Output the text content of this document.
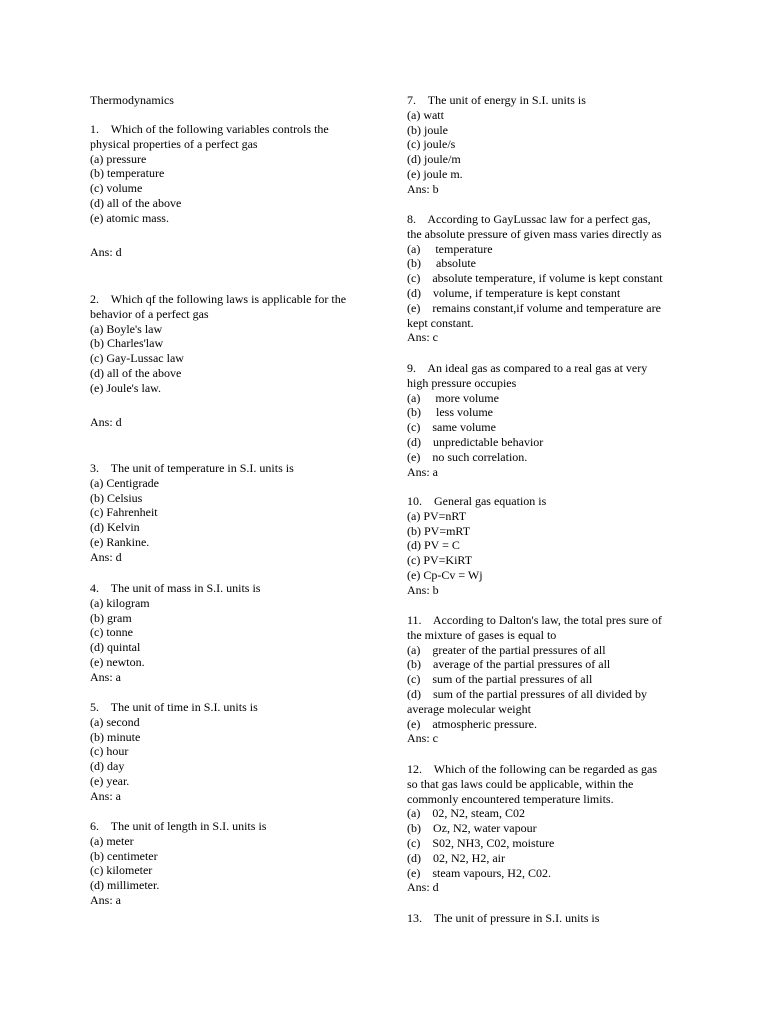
Thermodynamics
1.    Which of the following variables controls the
physical properties of a perfect gas
(a) pressure
(b) temperature
(c) volume
(d) all of the above
(e) atomic mass.
Ans: d
2.    Which qf the following laws is applicable for the
behavior of a perfect gas
(a) Boyle's law
(b) Charles'law
(c) Gay-Lussac law
(d) all of the above
(e) Joule's law.
Ans: d
3.    The unit of temperature in S.I. units is
(a) Centigrade
(b) Celsius
(c) Fahrenheit
(d) Kelvin
(e) Rankine.
Ans: d
4.    The unit of mass in S.I. units is
(a) kilogram
(b) gram
(c) tonne
(d) quintal
(e) newton.
Ans: a
5.    The unit of time in S.I. units is
(a) second
(b) minute
(c) hour
(d) day
(e) year.
Ans: a
6.    The unit of length in S.I. units is
(a) meter
(b) centimeter
(c) kilometer
(d) millimeter.
Ans: a
7.    The unit of energy in S.I. units is
(a) watt
(b) joule
(c) joule/s
(d) joule/m
(e) joule m.
Ans: b
8.    According to GayLussac law for a perfect gas,
the absolute pressure of given mass varies directly as
(a)     temperature
(b)     absolute
(c)    absolute temperature, if volume is kept constant
(d)    volume, if temperature is kept constant
(e)    remains constant,if volume and temperature are
kept constant.
Ans: c
9.    An ideal gas as compared to a real gas at very
high pressure occupies
(a)     more volume
(b)     less volume
(c)    same volume
(d)    unpredictable behavior
(e)    no such correlation.
Ans: a
10.    General gas equation is
(a) PV=nRT
(b) PV=mRT
(d) PV = C
(c) PV=KiRT
(e) Cp-Cv = Wj
Ans: b
11.    According to Dalton's law, the total pres sure of
the mixture of gases is equal to
(a)    greater of the partial pressures of all
(b)    average of the partial pressures of all
(c)    sum of the partial pressures of all
(d)    sum of the partial pressures of all divided by
average molecular weight
(e)    atmospheric pressure.
Ans: c
12.    Which of the following can be regarded as gas
so that gas laws could be applicable, within the
commonly encountered temperature limits.
(a)    02, N2, steam, C02
(b)    Oz, N2, water vapour
(c)    S02, NH3, C02, moisture
(d)    02, N2, H2, air
(e)    steam vapours, H2, C02.
Ans: d
13.    The unit of pressure in S.I. units is
